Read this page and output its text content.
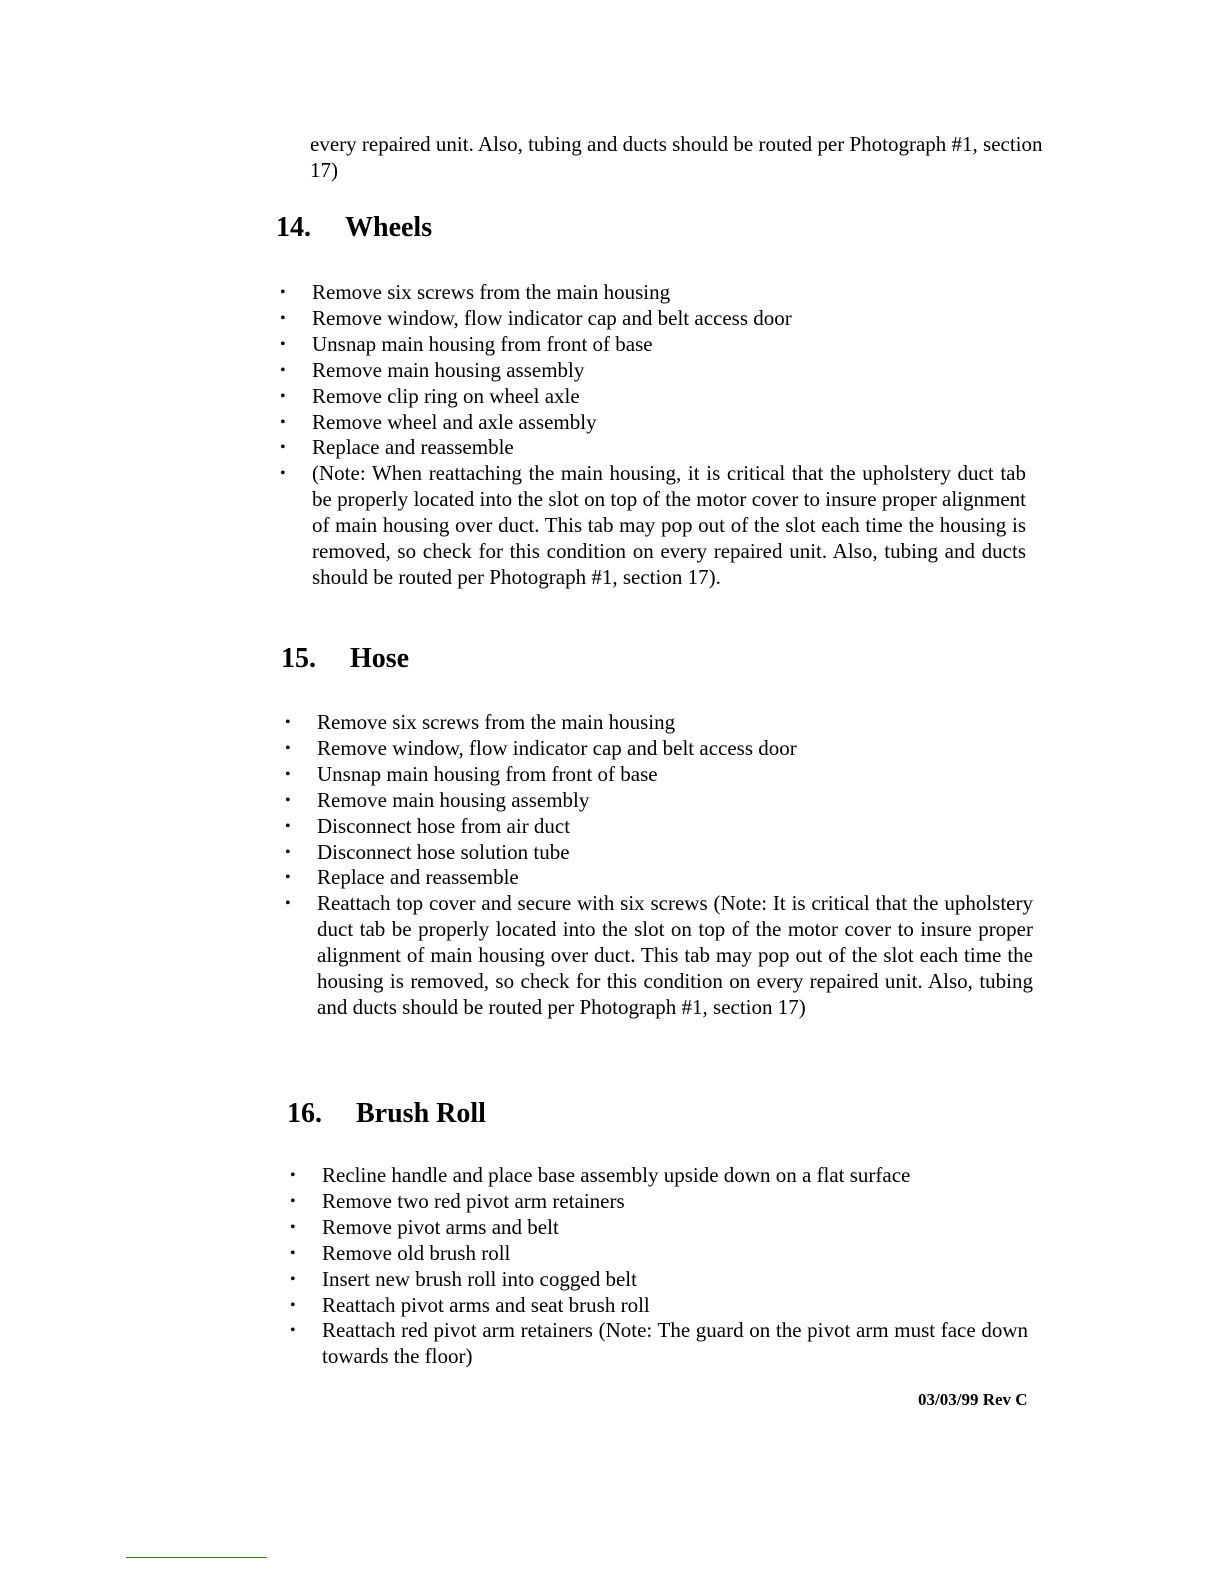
every repaired unit. Also, tubing and ducts should be routed per Photograph #1, section 17)

14. Wheels
• Remove six screws from the main housing
• Remove window, flow indicator cap and belt access door
• Unsnap main housing from front of base
• Remove main housing assembly
• Remove clip ring on wheel axle
• Remove wheel and axle assembly
• Replace and reassemble
• (Note: When reattaching the main housing, it is critical that the upholstery duct tab be properly located into the slot on top of the motor cover to insure proper alignment of main housing over duct. This tab may pop out of the slot each time the housing is removed, so check for this condition on every repaired unit. Also, tubing and ducts should be routed per Photograph #1, section 17).
15. Hose
• Remove six screws from the main housing
• Remove window, flow indicator cap and belt access door
• Unsnap main housing from front of base
• Remove main housing assembly
• Disconnect hose from air duct
• Disconnect hose solution tube
• Replace and reassemble
• Reattach top cover and secure with six screws (Note: It is critical that the upholstery duct tab be properly located into the slot on top of the motor cover to insure proper alignment of main housing over duct. This tab may pop out of the slot each time the housing is removed, so check for this condition on every repaired unit. Also, tubing and ducts should be routed per Photograph #1, section 17)
16. Brush Roll
• Recline handle and place base assembly upside down on a flat surface
• Remove two red pivot arm retainers
• Remove pivot arms and belt
• Remove old brush roll
• Insert new brush roll into cogged belt
• Reattach pivot arms and seat brush roll
• Reattach red pivot arm retainers (Note: The guard on the pivot arm must face down towards the floor)
03/03/99 Rev C
